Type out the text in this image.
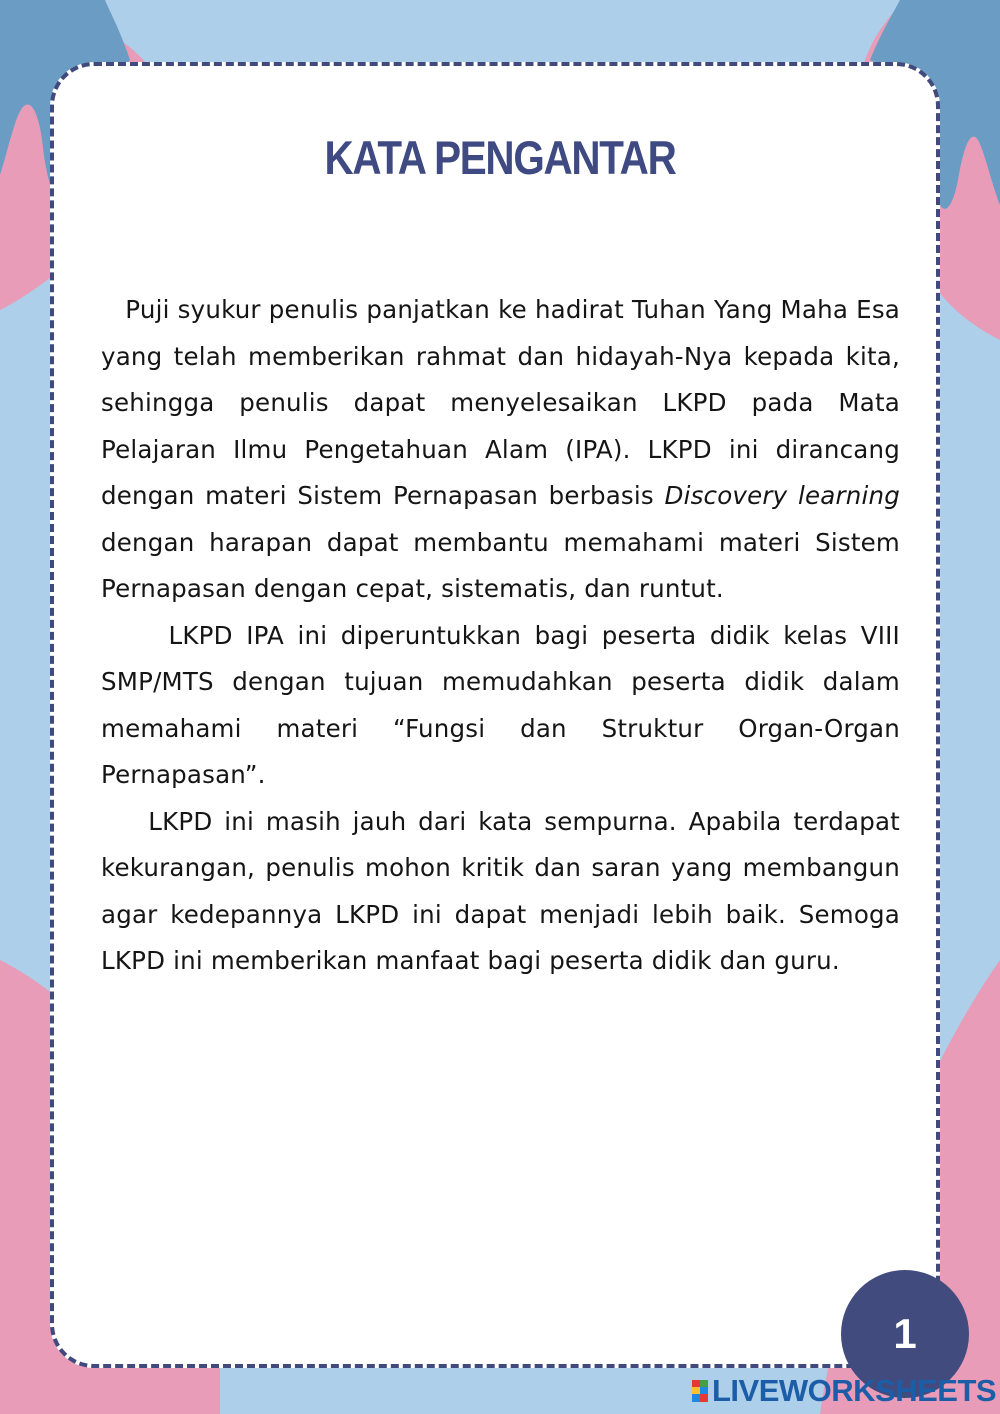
KATA PENGANTAR

Puji syukur penulis panjatkan ke hadirat Tuhan Yang Maha Esa yang telah memberikan rahmat dan hidayah-Nya kepada kita, sehingga penulis dapat menyelesaikan LKPD pada Mata Pelajaran Ilmu Pengetahuan Alam (IPA). LKPD ini dirancang dengan materi Sistem Pernapasan berbasis Discovery learning dengan harapan dapat membantu memahami materi Sistem Pernapasan dengan cepat, sistematis, dan runtut.

LKPD IPA ini diperuntukkan bagi peserta didik kelas VIII SMP/MTS dengan tujuan memudahkan peserta didik dalam memahami materi “Fungsi dan Struktur Organ-Organ Pernapasan”.

LKPD ini masih jauh dari kata sempurna. Apabila terdapat kekurangan, penulis mohon kritik dan saran yang membangun agar kedepannya LKPD ini dapat menjadi lebih baik. Semoga LKPD ini memberikan manfaat bagi peserta didik dan guru.

1
LIVEWORKSHEETS
